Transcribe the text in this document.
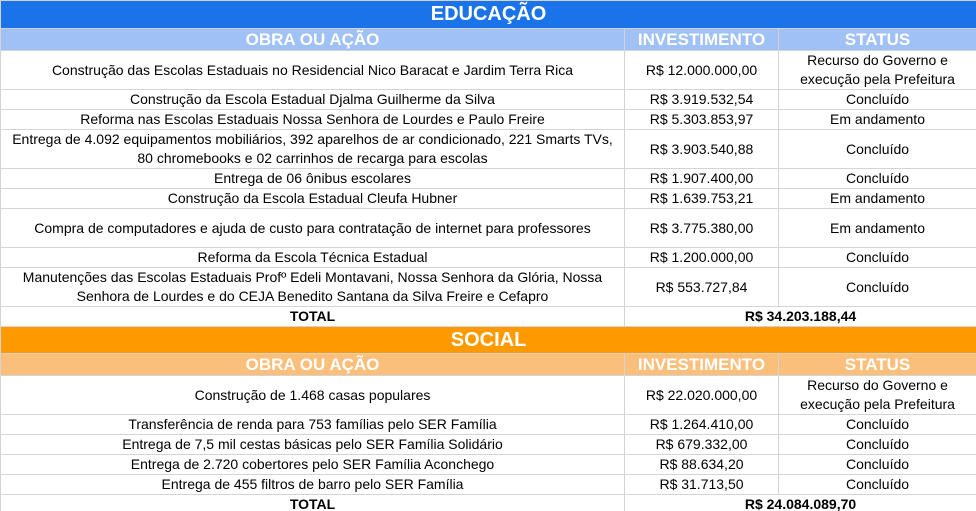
EDUCAÇÃO		
OBRA OU AÇÃO	INVESTIMENTO	STATUS
Construção das Escolas Estaduais no Residencial Nico Baracat e Jardim Terra Rica	R$ 12.000.000,00	Recurso do Governo e execução pela Prefeitura
Construção da Escola Estadual Djalma Guilherme da Silva	R$ 3.919.532,54	Concluído
Reforma nas Escolas Estaduais Nossa Senhora de Lourdes e Paulo Freire	R$ 5.303.853,97	Em andamento
Entrega de 4.092 equipamentos mobiliários, 392 aparelhos de ar condicionado, 221 Smarts TVs, 80 chromebooks e 02 carrinhos de recarga para escolas	R$ 3.903.540,88	Concluído
Entrega de 06 ônibus escolares	R$ 1.907.400,00	Concluído
Construção da Escola Estadual Cleufa Hubner	R$ 1.639.753,21	Em andamento
Compra de computadores e ajuda de custo para contratação de internet para professores	R$ 3.775.380,00	Em andamento
Reforma da Escola Técnica Estadual	R$ 1.200.000,00	Concluído
Manutenções das Escolas Estaduais Profº Edeli Montavani, Nossa Senhora da Glória, Nossa Senhora de Lourdes e do CEJA Benedito Santana da Silva Freire e Cefapro	R$ 553.727,84	Concluído
TOTAL	R$ 34.203.188,44	
SOCIAL		
OBRA OU AÇÃO	INVESTIMENTO	STATUS
Construção de 1.468 casas populares	R$ 22.020.000,00	Recurso do Governo e execução pela Prefeitura
Transferência de renda para 753 famílias pelo SER Família	R$ 1.264.410,00	Concluído
Entrega de 7,5 mil cestas básicas pelo SER Família Solidário	R$ 679.332,00	Concluído
Entrega de 2.720 cobertores pelo SER Família Aconchego	R$ 88.634,20	Concluído
Entrega de 455 filtros de barro pelo SER Família	R$ 31.713,50	Concluído
TOTAL	R$ 24.084.089,70	
